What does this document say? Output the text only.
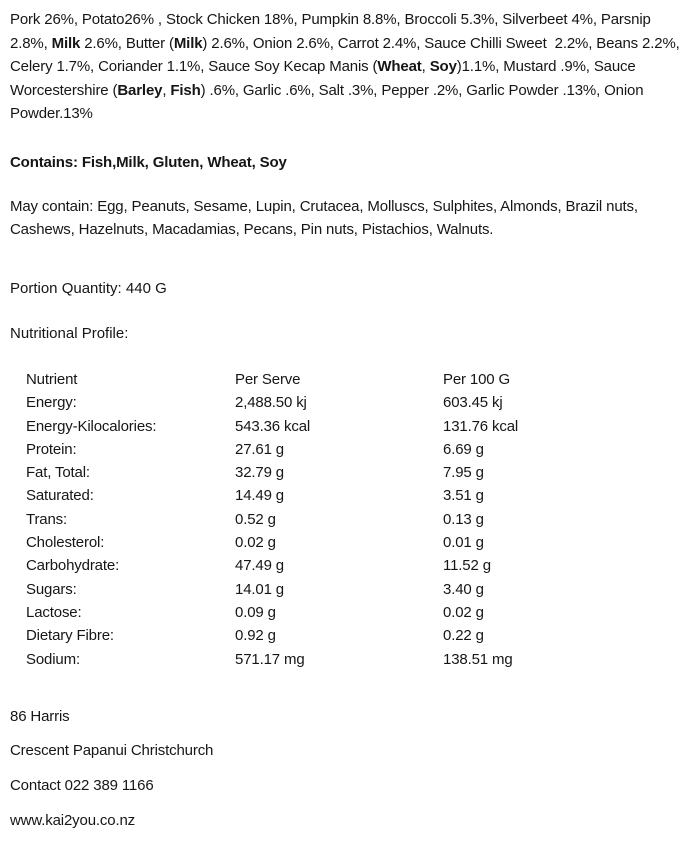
Pork 26%, Potato26% , Stock Chicken 18%, Pumpkin 8.8%, Broccoli 5.3%, Silverbeet 4%, Parsnip 2.8%, Milk 2.6%, Butter (Milk) 2.6%, Onion 2.6%, Carrot 2.4%, Sauce Chilli Sweet  2.2%, Beans 2.2%, Celery 1.7%, Coriander 1.1%, Sauce Soy Kecap Manis (Wheat, Soy)1.1%, Mustard .9%, Sauce Worcestershire (Barley, Fish) .6%, Garlic .6%, Salt .3%, Pepper .2%, Garlic Powder .13%, Onion Powder.13%

Contains: Fish,Milk, Gluten, Wheat, Soy

May contain: Egg, Peanuts, Sesame, Lupin, Crutacea, Molluscs, Sulphites, Almonds, Brazil nuts, Cashews, Hazelnuts, Macadamias, Pecans, Pin nuts, Pistachios, Walnuts.

Portion Quantity: 440 G

Nutritional Profile:

Nutrient	Per Serve	Per 100 G
Energy:	2,488.50 kj	603.45 kj
Energy-Kilocalories:	543.36 kcal	131.76 kcal
Protein:	27.61 g	6.69 g
Fat, Total:	32.79 g	7.95 g
Saturated:	14.49 g	3.51 g
Trans:	0.52 g	0.13 g
Cholesterol:	0.02 g	0.01 g
Carbohydrate:	47.49 g	11.52 g
Sugars:	14.01 g	3.40 g
Lactose:	0.09 g	0.02 g
Dietary Fibre:	0.92 g	0.22 g
Sodium:	571.17 mg	138.51 mg

86 Harris

Crescent Papanui Christchurch

Contact 022 389 1166

www.kai2you.co.nz
